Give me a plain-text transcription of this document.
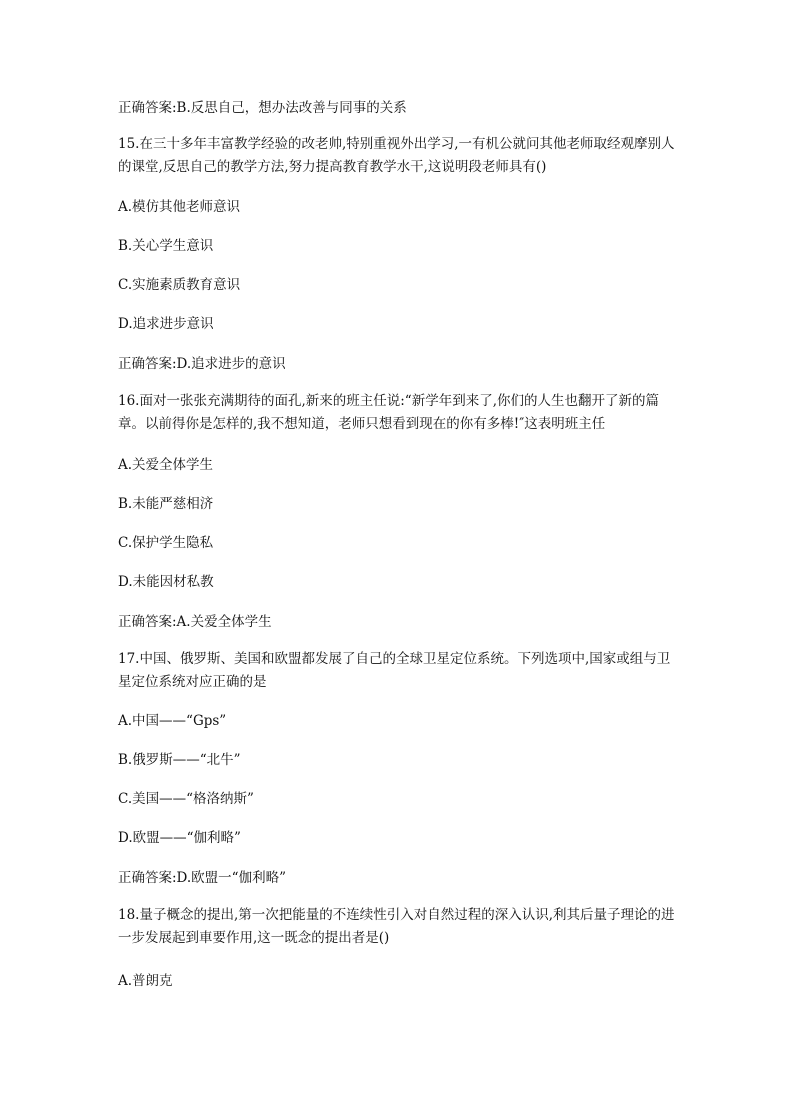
正确答案:B.反思自己，想办法改善与同事的关系
15.在三十多年丰富教学经验的改老帅,特别重视外出学习,一有机公就问其他老师取经观摩别人的课堂,反思自己的教学方法,努力提高教育教学水干,这说明段老师具有()
A.模仿其他老师意识
B.关心学生意识
C.实施素质教育意识
D.追求进步意识
正确答案:D.追求进步的意识
16.面对一张张充满期待的面孔,新来的班主任说:“新学年到来了,你们的人生也翻开了新的篇章。以前得你是怎样的,我不想知道，老师只想看到现在的你有多棒!″这表明班主任
A.关爱全体学生
B.未能严慈相济
C.保护学生隐私
D.未能因材私教
正确答案:A.关爱全体学生
17.中国、俄罗斯、美国和欧盟都发展了自己的全球卫星定位系统。下列选项中,国家或组与卫星定位系统对应正确的是
A.中国——“Gps”
B.俄罗斯——“北牛”
C.美国——“格洛纳斯”
D.欧盟——“伽利略”
正确答案:D.欧盟一“伽利略”
18.量子概念的提出,第一次把能量的不连续性引入对自然过程的深入认识,利其后量子理论的进一步发展起到車要作用,这一既念的提出者是()
A.普朗克
